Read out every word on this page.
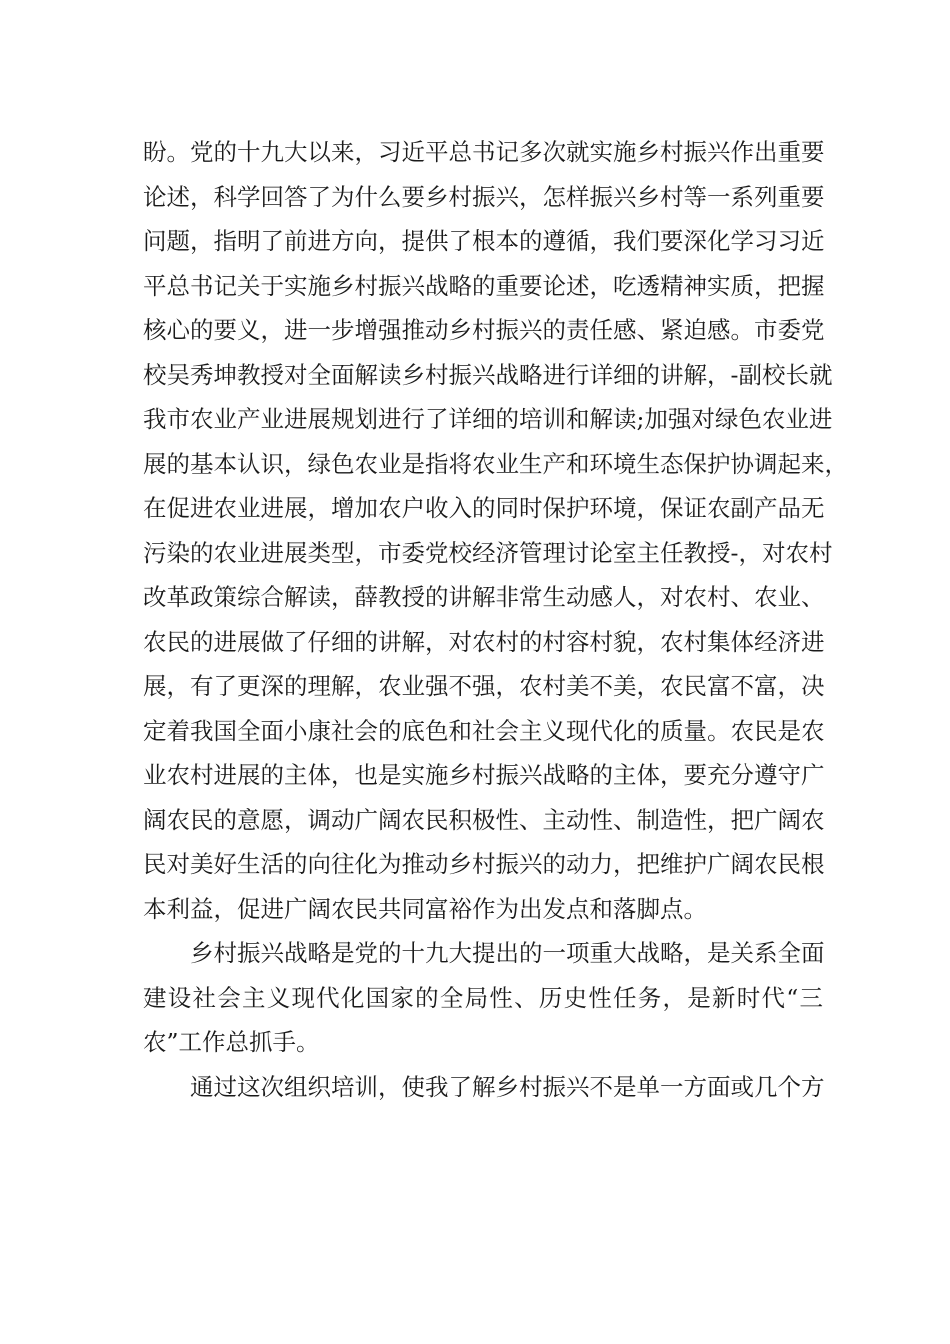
盼。党的十九大以来，习近平总书记多次就实施乡村振兴作出重要
论述，科学回答了为什么要乡村振兴，怎样振兴乡村等一系列重要
问题，指明了前进方向，提供了根本的遵循，我们要深化学习习近
平总书记关于实施乡村振兴战略的重要论述，吃透精神实质，把握
核心的要义，进一步增强推动乡村振兴的责任感、紧迫感。市委党
校吴秀坤教授对全面解读乡村振兴战略进行详细的讲解，-副校长就
我市农业产业进展规划进行了详细的培训和解读;加强对绿色农业进
展的基本认识，绿色农业是指将农业生产和环境生态保护协调起来，
在促进农业进展，增加农户收入的同时保护环境，保证农副产品无
污染的农业进展类型，市委党校经济管理讨论室主任教授-，对农村
改革政策综合解读，薛教授的讲解非常生动感人，对农村、农业、
农民的进展做了仔细的讲解，对农村的村容村貌，农村集体经济进
展，有了更深的理解，农业强不强，农村美不美，农民富不富，决
定着我国全面小康社会的底色和社会主义现代化的质量。农民是农
业农村进展的主体，也是实施乡村振兴战略的主体，要充分遵守广
阔农民的意愿，调动广阔农民积极性、主动性、制造性，把广阔农
民对美好生活的向往化为推动乡村振兴的动力，把维护广阔农民根
本利益，促进广阔农民共同富裕作为出发点和落脚点。
乡村振兴战略是党的十九大提出的一项重大战略，是关系全面
建设社会主义现代化国家的全局性、历史性任务，是新时代“三
农”工作总抓手。
通过这次组织培训，使我了解乡村振兴不是单一方面或几个方
